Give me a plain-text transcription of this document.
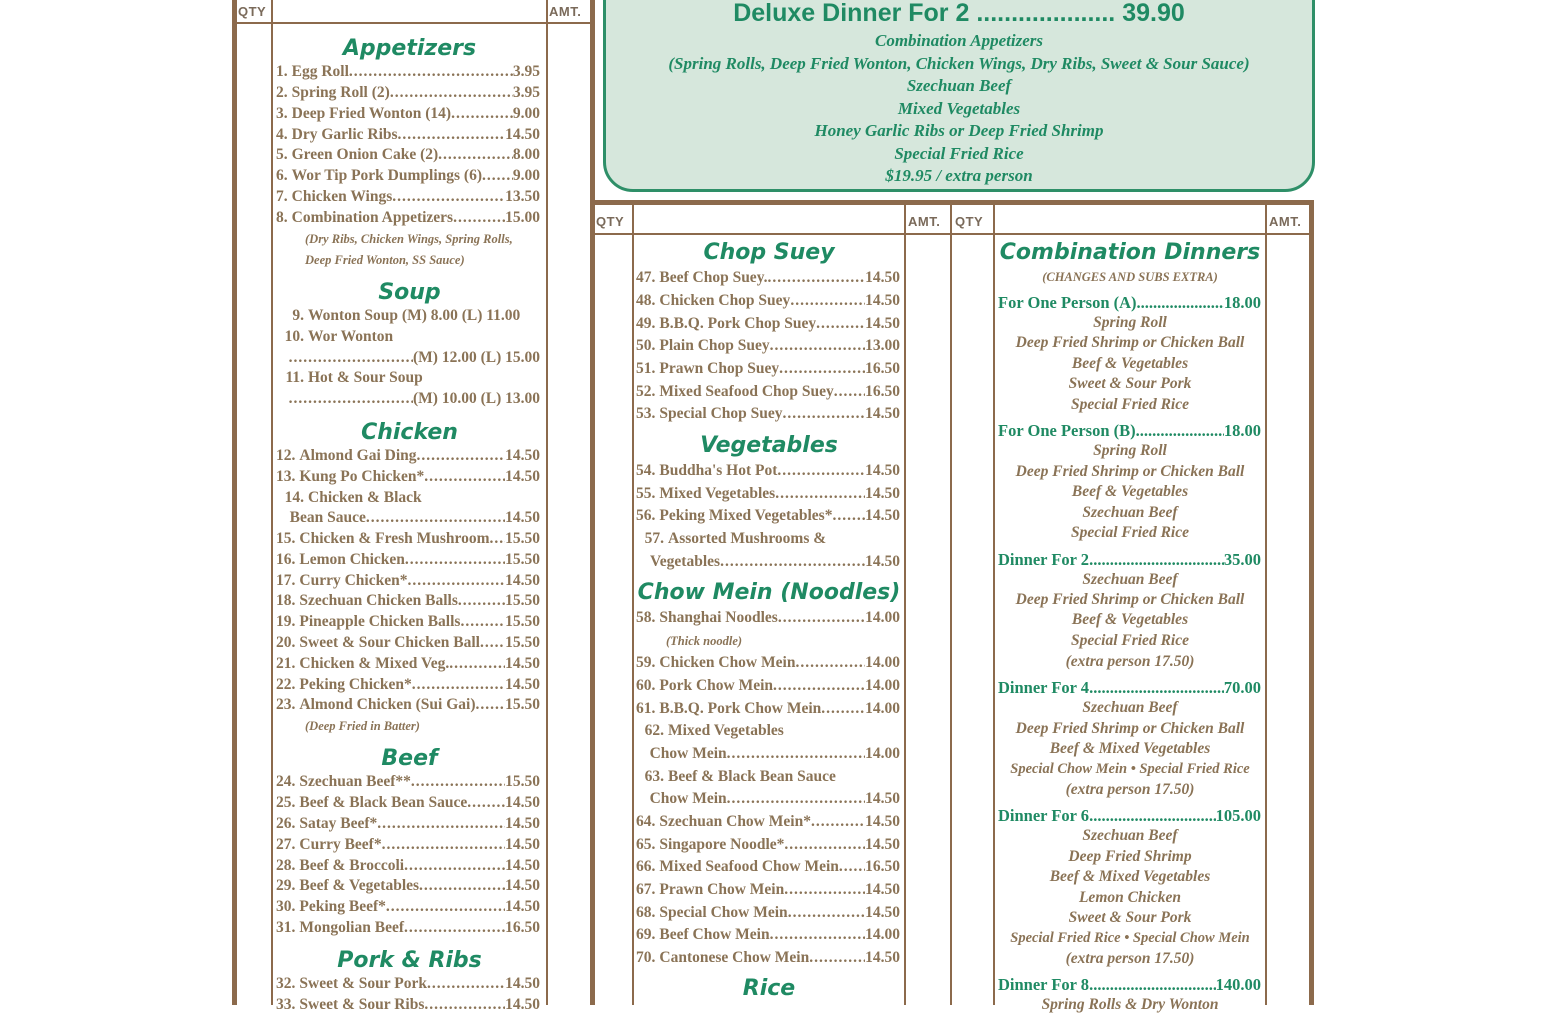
QTY	AMT.	Deluxe Dinner For 2 .................... 39.90
Combination Appetizers
(Spring Rolls, Deep Fried Wonton, Chicken Wings, Dry Ribs, Sweet & Sour Sauce)
Szechuan Beef
Mixed Vegetables
Honey Garlic Ribs or Deep Fried Shrimp
Special Fried Rice
$19.95 / extra person
QTY	AMT. QTY	AMT.
Appetizers
1. Egg Roll .....	3.95
2. Spring Roll (2) .....	3.95
3. Deep Fried Wonton (14) .....	9.00
4. Dry Garlic Ribs .....	14.50
5. Green Onion Cake (2) .....	8.00
6. Wor Tip Pork Dumplings (6) ..... 9.00
7. Chicken Wings .....	13.50
8. Combination Appetizers .....	15.00
(Dry Ribs, Chicken Wings, Spring Rolls,
Deep Fried Wonton, SS Sauce)
Soup
9. Wonton Soup (M) 8.00 (L) 11.00
10. Wor Wonton
.....
(M) 12.00 (L) 15.00
11. Hot & Sour Soup
.....
(M) 10.00 (L) 13.00
Chicken
12. Almond Gai Ding .....	14.50
13. Kung Po Chicken* .....	14.50
14. Chicken & Black
Bean Sauce .....	14.50
15. Chicken & Fresh Mushroom ..... 15.50
16. Lemon Chicken .....	15.50
17. Curry Chicken* .....	14.50
18. Szechuan Chicken Balls .....	15.50
19. Pineapple Chicken Balls .....	15.50
20. Sweet & Sour Chicken Ball ..... 15.50
21. Chicken & Mixed Veg. .....	14.50
22. Peking Chicken* .....	14.50
23. Almond Chicken (Sui Gai) ..... 15.50
(Deep Fried in Batter)
Beef
24. Szechuan Beef** .....	15.50
25. Beef & Black Bean Sauce ..... 14.50
26. Satay Beef* .....	14.50
27. Curry Beef* .....	14.50
28. Beef & Broccoli .....	14.50
29. Beef & Vegetables .....	14.50
30. Peking Beef* .....	14.50
31. Mongolian Beef .....	16.50
Pork & Ribs
32. Sweet & Sour Pork .....	14.50
33. Sweet & Sour Ribs .....	14.50
Chop Suey
47. Beef Chop Suey. .....	14.50
48. Chicken Chop Suey .....	14.50
49. B.B.Q. Pork Chop Suey .....	14.50
50. Plain Chop Suey .....	13.00
51. Prawn Chop Suey .....	16.50
52. Mixed Seafood Chop Suey ..... 16.50
53. Special Chop Suey .....	14.50
Vegetables
54. Buddha's Hot Pot .....	14.50
55. Mixed Vegetables .....	14.50
56. Peking Mixed Vegetables* ..... 14.50
57. Assorted Mushrooms &
Vegetables .....	14.50
Chow Mein (Noodles)
58. Shanghai Noodles .....	14.00
(Thick noodle)
59. Chicken Chow Mein .....	14.00
60. Pork Chow Mein .....	14.00
61. B.B.Q. Pork Chow Mein .....	14.00
62. Mixed Vegetables
Chow Mein .....	14.00
63. Beef & Black Bean Sauce
Chow Mein .....	14.50
64. Szechuan Chow Mein* .....	14.50
65. Singapore Noodle* .....	14.50
66. Mixed Seafood Chow Mein ..... 16.50
67. Prawn Chow Mein .....	14.50
68. Special Chow Mein .....	14.50
69. Beef Chow Mein .....	14.00
70. Cantonese Chow Mein .....	14.50
Rice
Combination Dinners
(CHANGES AND SUBS EXTRA)
For One Person (A) .....	18.00
Spring Roll
Deep Fried Shrimp or Chicken Ball
Beef & Vegetables
Sweet & Sour Pork
Special Fried Rice
For One Person (B) .....	18.00
Spring Roll
Deep Fried Shrimp or Chicken Ball
Beef & Vegetables
Szechuan Beef
Special Fried Rice
Dinner For 2 .....	35.00
Szechuan Beef
Deep Fried Shrimp or Chicken Ball
Beef & Vegetables
Special Fried Rice
(extra person 17.50)
Dinner For 4 .....	70.00
Szechuan Beef
Deep Fried Shrimp or Chicken Ball
Beef & Mixed Vegetables
Special Chow Mein • Special Fried Rice
(extra person 17.50)
Dinner For 6 .....	105.00
Szechuan Beef
Deep Fried Shrimp
Beef & Mixed Vegetables
Lemon Chicken
Sweet & Sour Pork
Special Fried Rice • Special Chow Mein
(extra person 17.50)
Dinner For 8 .....	140.00
Spring Rolls & Dry Wonton
